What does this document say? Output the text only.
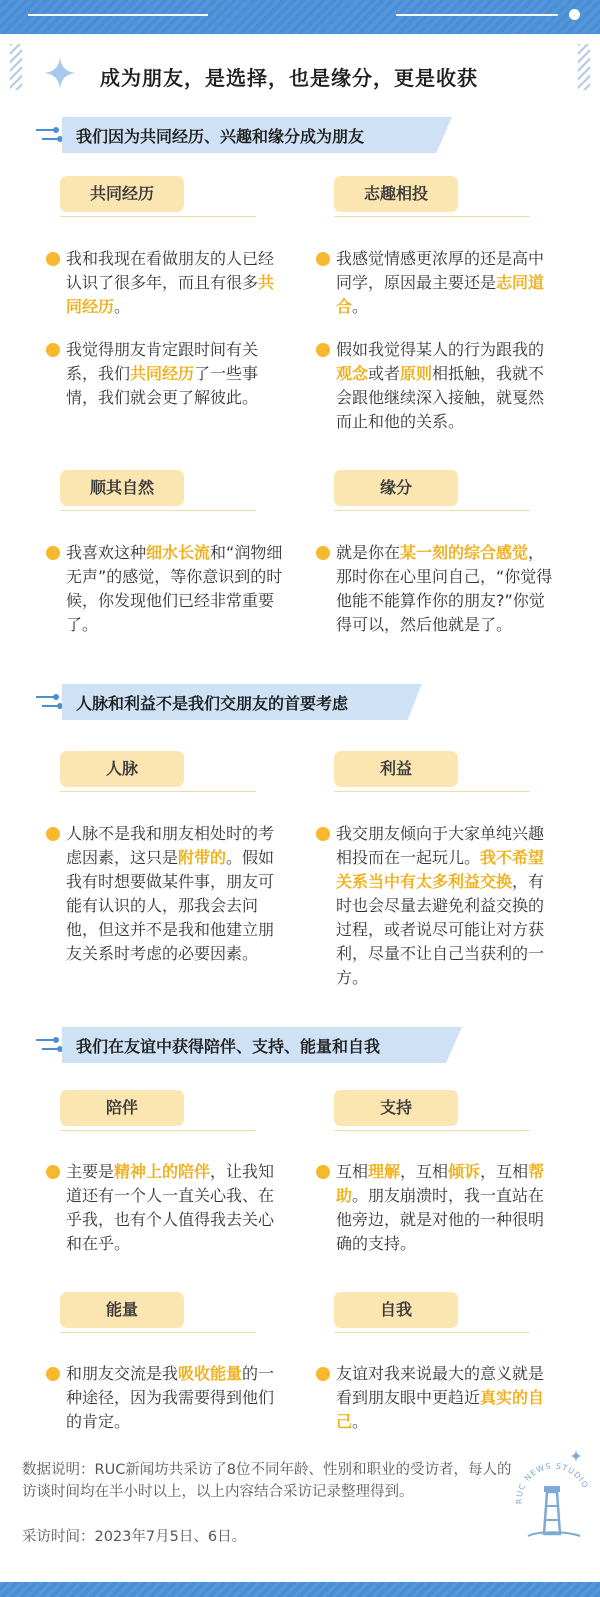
成为朋友，是选择，也是缘分，更是收获
我们因为共同经历、兴趣和缘分成为朋友
共同经历	志趣相投
我和我现在看做朋友的人已经认识了很多年，而且有很多共同经历。
我觉得朋友肯定跟时间有关系，我们共同经历了一些事情，我们就会更了解彼此。
我感觉情感更浓厚的还是高中同学，原因最主要还是志同道合。
假如我觉得某人的行为跟我的观念或者原则相抵触，我就不会跟他继续深入接触，就戛然而止和他的关系。
顺其自然	缘分
我喜欢这种细水长流和“润物细无声”的感觉，等你意识到的时候，你发现他们已经非常重要了。
就是你在某一刻的综合感觉，那时你在心里问自己，“你觉得他能不能算作你的朋友?”你觉得可以，然后他就是了。
人脉和利益不是我们交朋友的首要考虑
人脉	利益
人脉不是我和朋友相处时的考虑因素，这只是附带的。假如我有时想要做某件事，朋友可能有认识的人，那我会去问他，但这并不是我和他建立朋友关系时考虑的必要因素。
我交朋友倾向于大家单纯兴趣相投而在一起玩儿。我不希望关系当中有太多利益交换，有时也会尽量去避免利益交换的过程，或者说尽可能让对方获利，尽量不让自己当获利的一方。
我们在友谊中获得陪伴、支持、能量和自我
陪伴	支持
主要是精神上的陪伴，让我知道还有一个人一直关心我、在乎我，也有个人值得我去关心和在乎。
互相理解，互相倾诉，互相帮助。朋友崩溃时，我一直站在他旁边，就是对他的一种很明确的支持。
能量	自我
和朋友交流是我吸收能量的一种途径，因为我需要得到他们的肯定。
友谊对我来说最大的意义就是看到朋友眼中更趋近真实的自己。
数据说明：RUC新闻坊共采访了8位不同年龄、性别和职业的受访者，每人的访谈时间均在半小时以上，以上内容结合采访记录整理得到。
采访时间：2023年7月5日、6日。
RUC NEWS STUDIO
